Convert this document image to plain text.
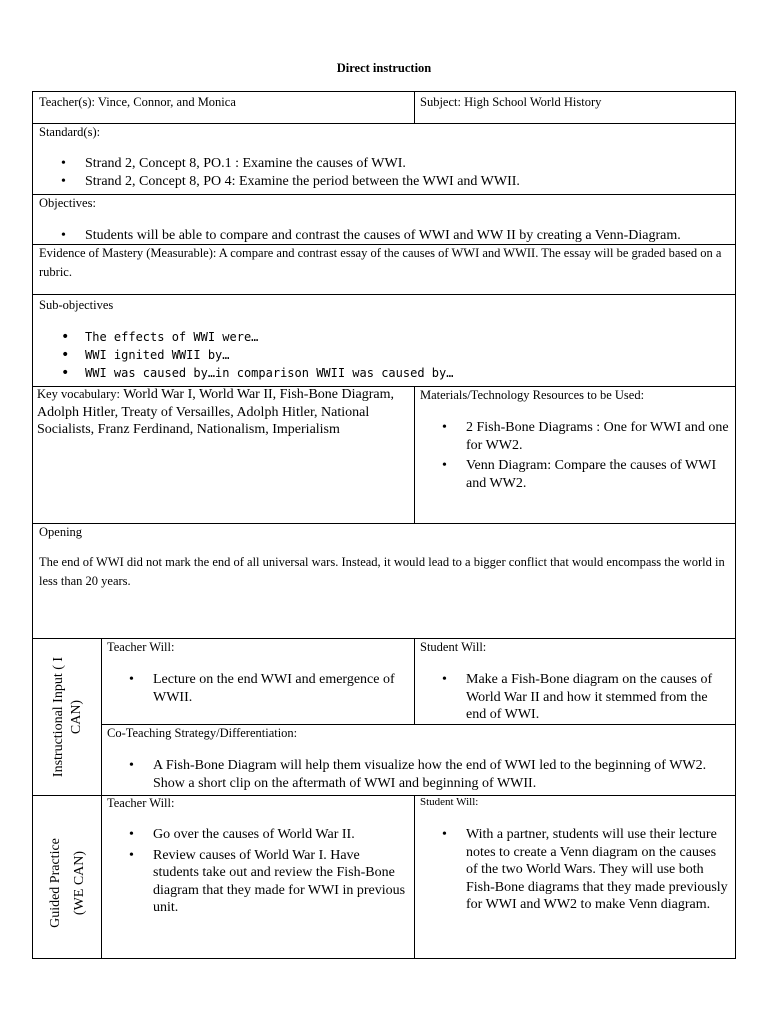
Direct instruction
Teacher(s): Vince, Connor, and Monica	Subject: High School World History
Standard(s):
• Strand 2, Concept 8, PO.1 : Examine the causes of WWI.
• Strand 2, Concept 8, PO 4: Examine the period between the WWI and WWII.
Objectives:
• Students will be able to compare and contrast the causes of WWI and WW II by creating a Venn-Diagram.
Evidence of Mastery (Measurable): A compare and contrast essay of the causes of WWI and WWII. The essay will be graded based on a rubric.
Sub-objectives
• The effects of WWI were…
• WWI ignited WWII by…
• WWI was caused by…in comparison WWII was caused by…
Key vocabulary: World War I, World War II, Fish-Bone Diagram, Adolph Hitler, Treaty of Versailles, Adolph Hitler, National Socialists, Franz Ferdinand, Nationalism, Imperialism
Materials/Technology Resources to be Used:
• 2 Fish-Bone Diagrams : One for WWI and one for WW2.
• Venn Diagram: Compare the causes of WWI and WW2.
Opening
The end of WWI did not mark the end of all universal wars. Instead, it would lead to a bigger conflict that would encompass the world in less than 20 years.
Instructional Input ( I CAN)
Teacher Will:
• Lecture on the end WWI and emergence of WWII.
Student Will:
• Make a Fish-Bone diagram on the causes of World War II and how it stemmed from the end of WWI.
Co-Teaching Strategy/Differentiation:
• A Fish-Bone Diagram will help them visualize how the end of WWI led to the beginning of WW2. Show a short clip on the aftermath of WWI and beginning of WWII.
Guided Practice (WE CAN)
Teacher Will:
• Go over the causes of World War II.
• Review causes of World War I. Have students take out and review the Fish-Bone diagram that they made for WWI in previous unit.
Student Will:
• With a partner, students will use their lecture notes to create a Venn diagram on the causes of the two World Wars. They will use both Fish-Bone diagrams that they made previously for WWI and WW2 to make Venn diagram.
